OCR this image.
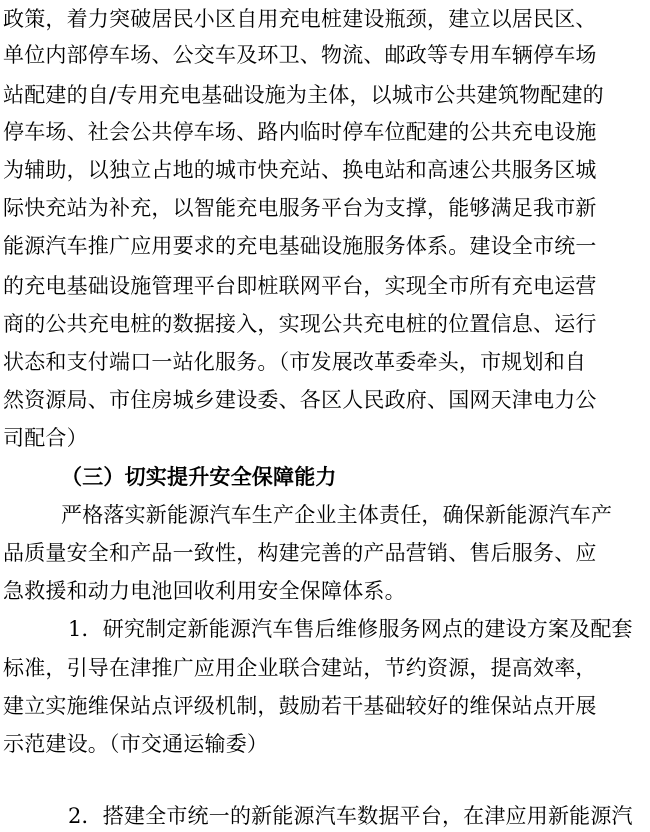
政策，着力突破居民小区自用充电桩建设瓶颈，建立以居民区、
单位内部停车场、公交车及环卫、物流、邮政等专用车辆停车场
站配建的自/专用充电基础设施为主体，以城市公共建筑物配建的
停车场、社会公共停车场、路内临时停车位配建的公共充电设施
为辅助，以独立占地的城市快充站、换电站和高速公共服务区城
际快充站为补充，以智能充电服务平台为支撑，能够满足我市新
能源汽车推广应用要求的充电基础设施服务体系。建设全市统一
的充电基础设施管理平台即桩联网平台，实现全市所有充电运营
商的公共充电桩的数据接入，实现公共充电桩的位置信息、运行
状态和支付端口一站化服务。（市发展改革委牵头，市规划和自
然资源局、市住房城乡建设委、各区人民政府、国网天津电力公
司配合）
（三）切实提升安全保障能力
严格落实新能源汽车生产企业主体责任，确保新能源汽车产
品质量安全和产品一致性，构建完善的产品营销、售后服务、应
急救援和动力电池回收利用安全保障体系。
1．研究制定新能源汽车售后维修服务网点的建设方案及配套
标准，引导在津推广应用企业联合建站，节约资源，提高效率，
建立实施维保站点评级机制，鼓励若干基础较好的维保站点开展
示范建设。（市交通运输委）
2．搭建全市统一的新能源汽车数据平台，在津应用新能源汽
